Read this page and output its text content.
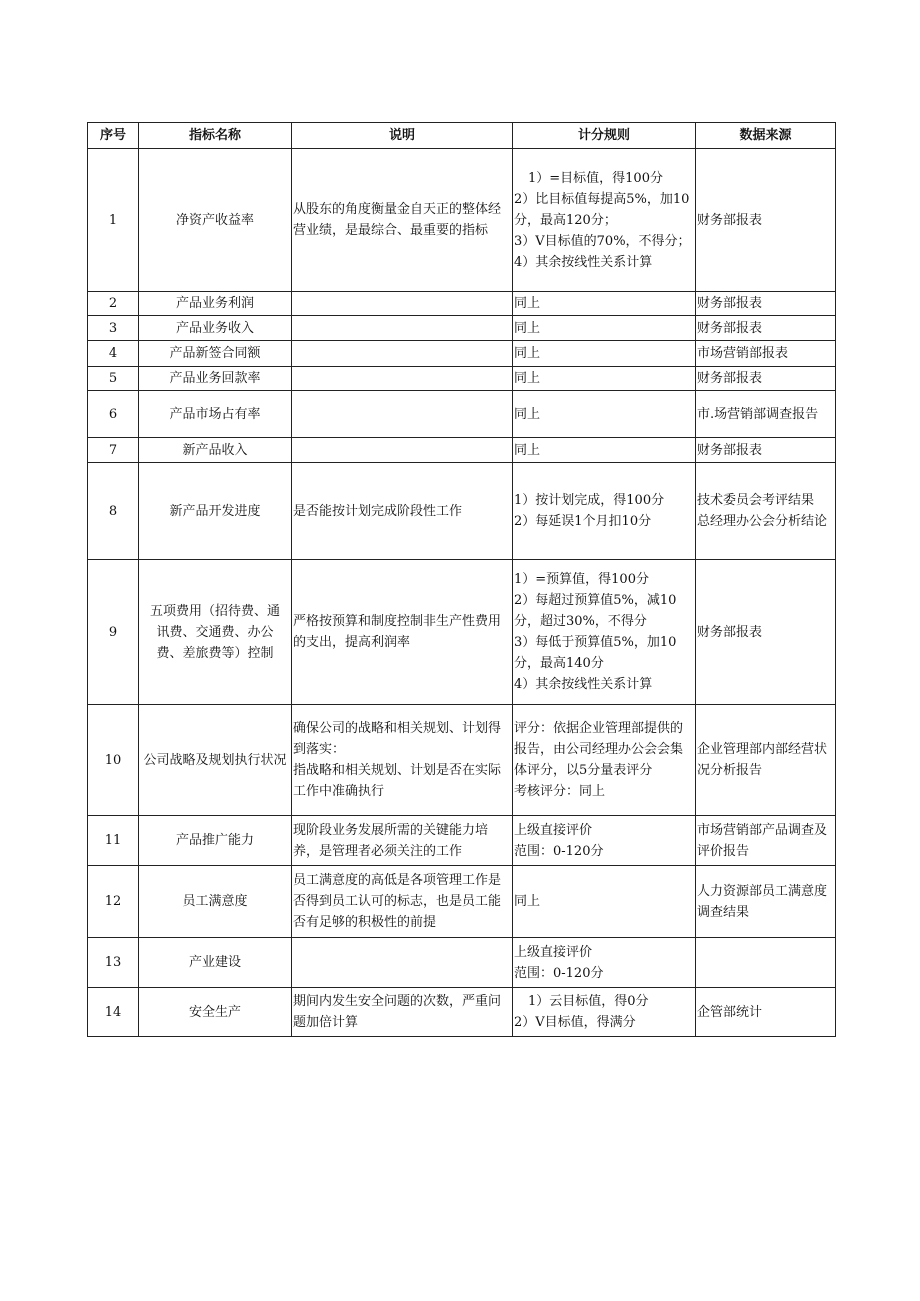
序号	指标名称	说明	计分规则	数据来源
1	净资产收益率	从股东的角度衡量金自天正的整体经营业绩，是最综合、最重要的指标	1）=目标值，得100分
2）比目标值每提高5%，加10分，最高120分；
3）V目标值的70%，不得分；
4）其余按线性关系计算	财务部报表

2	产品业务利润		同上	财务部报表

3	产品业务收入		同上	财务部报表

4	产品新签合同额		同上	市场营销部报表

5	产品业务回款率		同上	财务部报表

6	产品市场占有率		同上	市.场营销部调查报告

7	新产品收入		同上	财务部报表

8	新产品开发进度	是否能按计划完成阶段性工作	1）按计划完成，得100分
2）每延误1个月扣10分	技术委员会考评结果
总经理办公会分析结论

9	五项费用（招待费、通讯费、交通费、办公费、差旅费等）控制	严格按预算和制度控制非生产性费用的支出，提高利润率	1）=预算值，得100分
2）每超过预算值5%，减10分，超过30%，不得分
3）每低于预算值5%，加10分，最高140分
4）其余按线性关系计算	财务部报表

10	公司战略及规划执行状况	确保公司的战略和相关规划、计划得到落实：
指战略和相关规划、计划是否在实际工作中准确执行	评分：依据企业管理部提供的报告，由公司经理办公会会集体评分，以5分量表评分
考核评分：同上	企业管理部内部经营状况分析报告

11	产品推广能力	现阶段业务发展所需的关键能力培养，是管理者必须关注的工作	上级直接评价
范围：0-120分	市场营销部产品调查及评价报告

12	员工满意度	员工满意度的高低是各项管理工作是否得到员工认可的标志，也是员工能否有足够的积极性的前提	同上	人力资源部员工满意度调查结果

13	产业建设		上级直接评价
范围：0-120分	

14	安全生产	期间内发生安全问题的次数，严重问题加倍计算	1）云目标值，得0分
2）V目标值，得满分	企管部统计
